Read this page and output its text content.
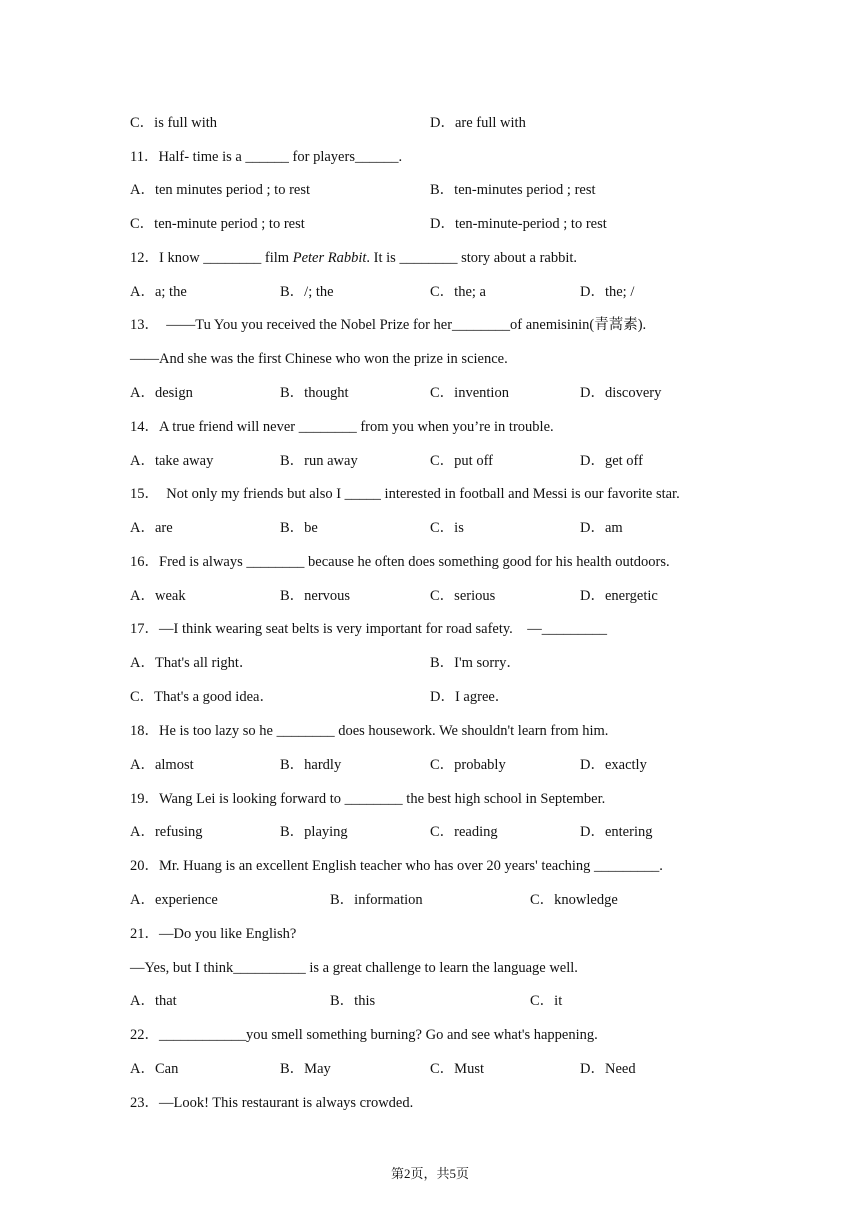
C．is full with	D．are full with
11．Half- time is a ______ for players______.
A．ten minutes period ; to rest	B．ten-minutes period ; rest
C．ten-minute period ; to rest	D．ten-minute-period ; to rest
12．I know ________ film Peter Rabbit. It is ________ story about a rabbit.
A．a; the	B．/; the	C．the; a	D．the; /
13．　——Tu You you received the Nobel Prize for her________of anemisinin(青蒿素).
——And she was the first Chinese who won the prize in science.
A．design	B．thought	C．invention	D．discovery
14．A true friend will never ________ from you when you’re in trouble.
A．take away	B．run away	C．put off	D．get off
15．　Not only my friends but also I _____ interested in football and Messi is our favorite star.
A．are	B．be	C．is	D．am
16．Fred is always ________ because he often does something good for his health outdoors.
A．weak	B．nervous	C．serious	D．energetic
17．—I think wearing seat belts is very important for road safety.　—_________
A．That's all right．	B．I'm sorry．
C．That's a good idea．	D．I agree．
18．He is too lazy so he ________ does housework. We shouldn't learn from him.
A．almost	B．hardly	C．probably	D．exactly
19．Wang Lei is looking forward to ________ the best high school in September.
A．refusing	B．playing	C．reading	D．entering
20．Mr. Huang is an excellent English teacher who has over 20 years' teaching _________.
A．experience	B．information	C．knowledge
21．—Do you like English?
—Yes, but I think__________ is a great challenge to learn the language well.
A．that	B．this	C．it
22．____________you smell something burning? Go and see what's happening.
A．Can	B．May	C．Must	D．Need
23．—Look! This restaurant is always crowded.
第2页，共5页
